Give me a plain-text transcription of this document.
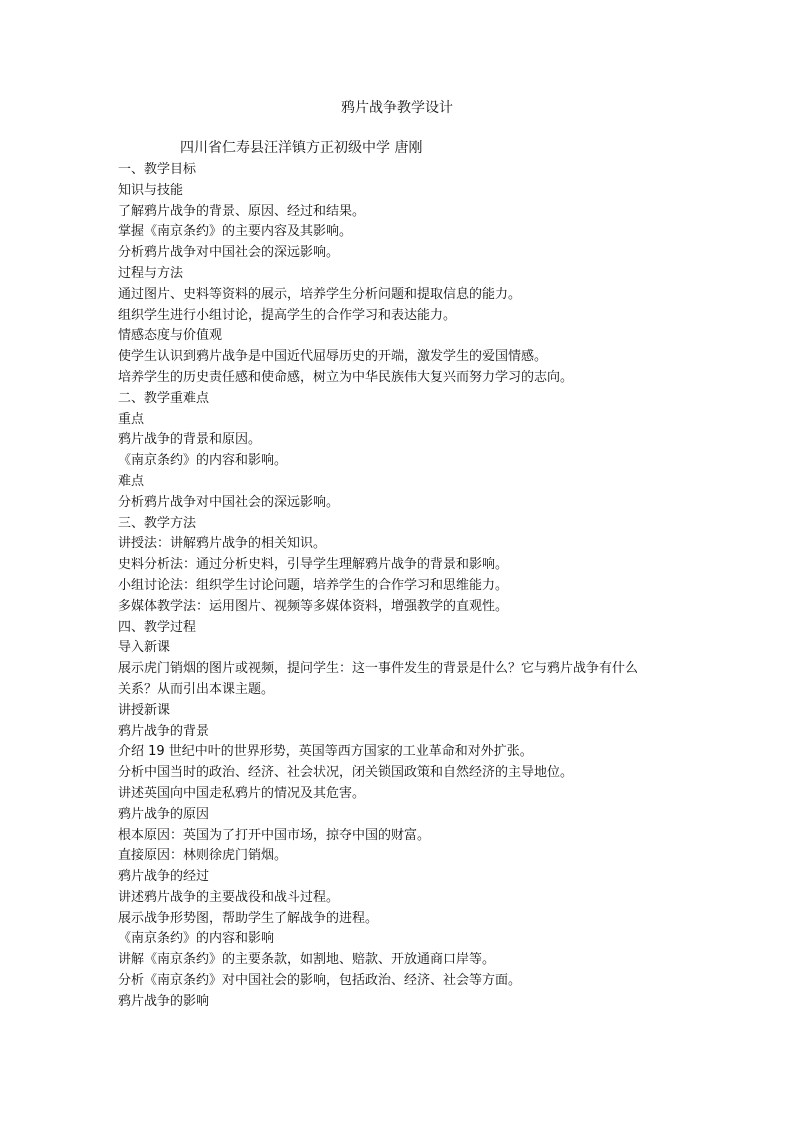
鸦片战争教学设计
四川省仁寿县汪洋镇方正初级中学 唐刚
一、教学目标
知识与技能
了解鸦片战争的背景、原因、经过和结果。
掌握《南京条约》的主要内容及其影响。
分析鸦片战争对中国社会的深远影响。
过程与方法
通过图片、史料等资料的展示，培养学生分析问题和提取信息的能力。
组织学生进行小组讨论，提高学生的合作学习和表达能力。
情感态度与价值观
使学生认识到鸦片战争是中国近代屈辱历史的开端，激发学生的爱国情感。
培养学生的历史责任感和使命感，树立为中华民族伟大复兴而努力学习的志向。
二、教学重难点
重点
鸦片战争的背景和原因。
《南京条约》的内容和影响。
难点
分析鸦片战争对中国社会的深远影响。
三、教学方法
讲授法：讲解鸦片战争的相关知识。
史料分析法：通过分析史料，引导学生理解鸦片战争的背景和影响。
小组讨论法：组织学生讨论问题，培养学生的合作学习和思维能力。
多媒体教学法：运用图片、视频等多媒体资料，增强教学的直观性。
四、教学过程
导入新课
展示虎门销烟的图片或视频，提问学生：这一事件发生的背景是什么？它与鸦片战争有什么
关系？从而引出本课主题。
讲授新课
鸦片战争的背景
介绍 19 世纪中叶的世界形势，英国等西方国家的工业革命和对外扩张。
分析中国当时的政治、经济、社会状况，闭关锁国政策和自然经济的主导地位。
讲述英国向中国走私鸦片的情况及其危害。
鸦片战争的原因
根本原因：英国为了打开中国市场，掠夺中国的财富。
直接原因：林则徐虎门销烟。
鸦片战争的经过
讲述鸦片战争的主要战役和战斗过程。
展示战争形势图，帮助学生了解战争的进程。
《南京条约》的内容和影响
讲解《南京条约》的主要条款，如割地、赔款、开放通商口岸等。
分析《南京条约》对中国社会的影响，包括政治、经济、社会等方面。
鸦片战争的影响
